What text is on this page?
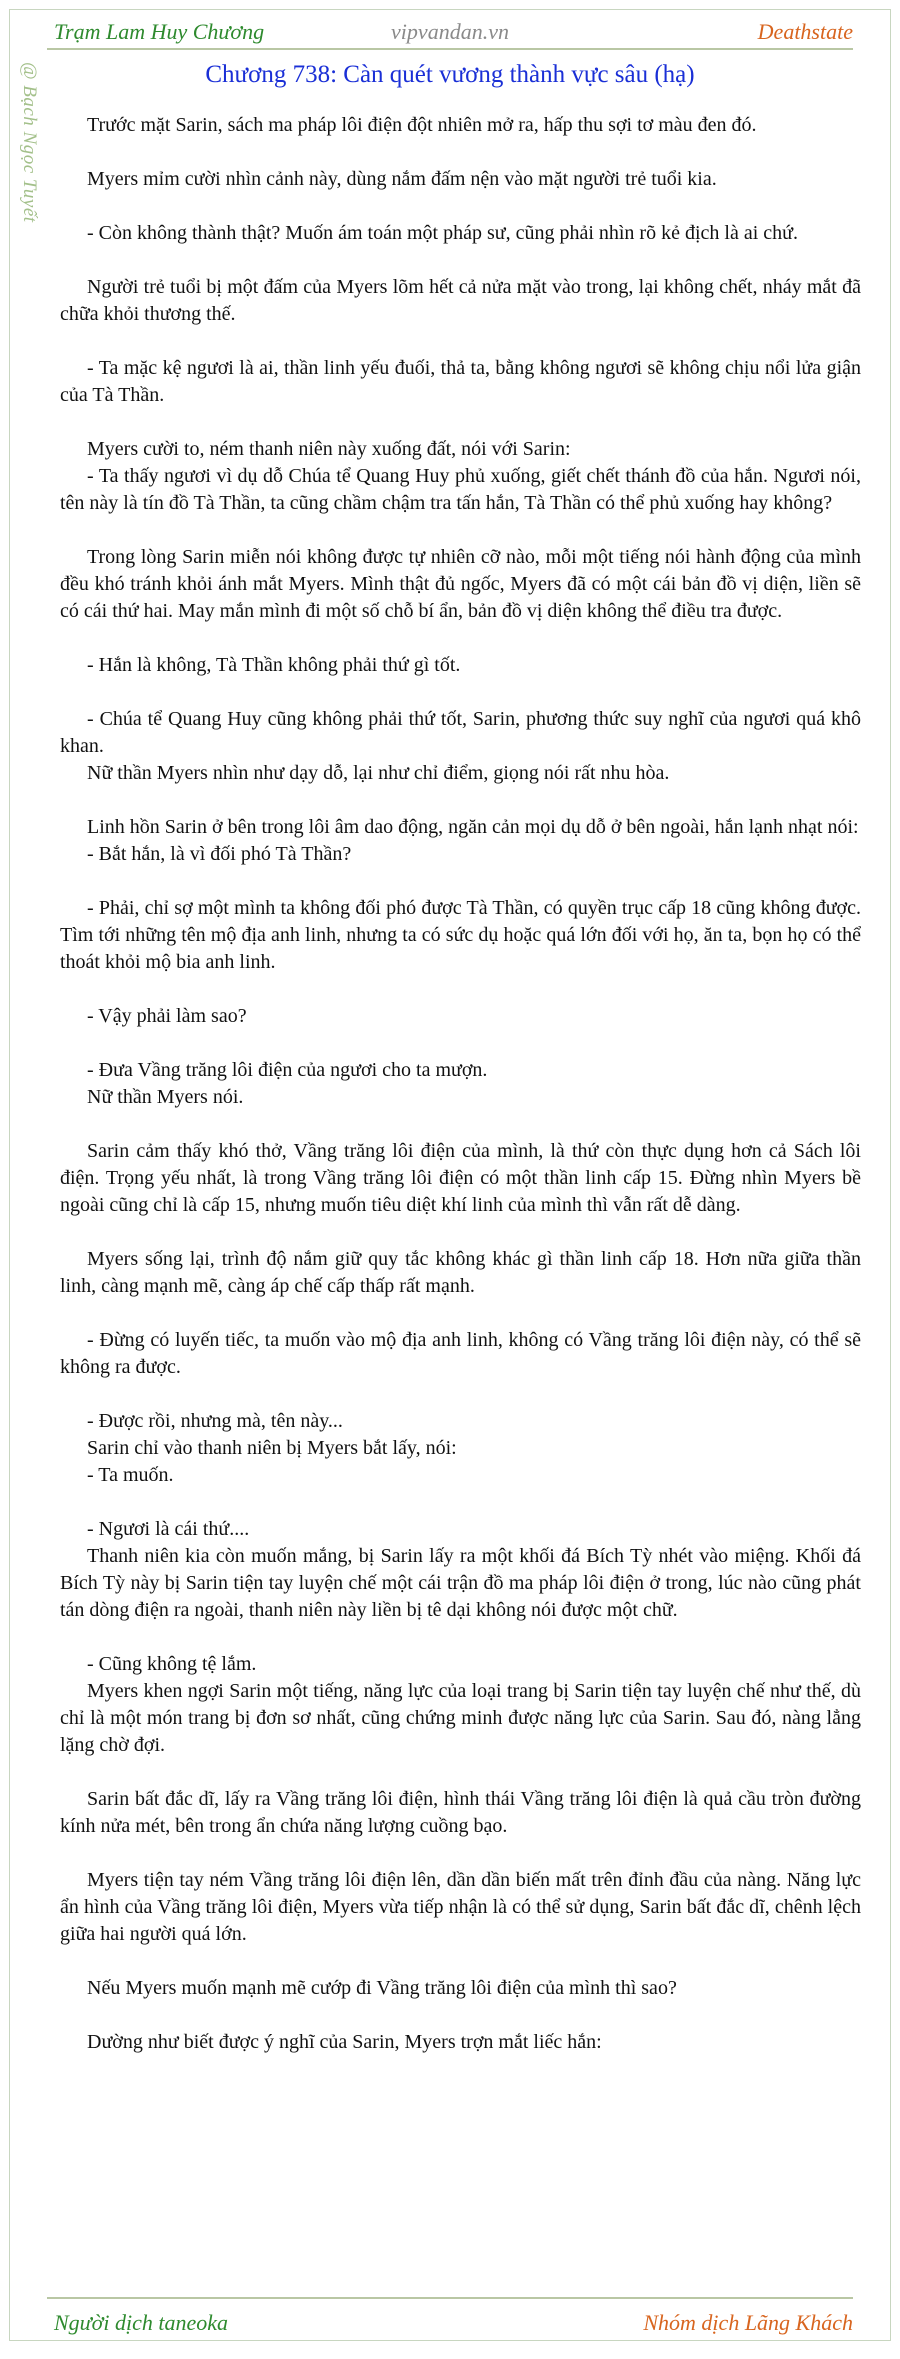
Trạm Lam Huy Chương	vipvandan.vn	Deathstate
@ Bạch Ngọc Tuyết	Chương 738: Càn quét vương thành vực sâu (hạ)

Trước mặt Sarin, sách ma pháp lôi điện đột nhiên mở ra, hấp thu sợi tơ màu đen đó.

Myers mỉm cười nhìn cảnh này, dùng nắm đấm nện vào mặt người trẻ tuổi kia.

- Còn không thành thật? Muốn ám toán một pháp sư, cũng phải nhìn rõ kẻ địch là ai chứ.

Người trẻ tuổi bị một đấm của Myers lõm hết cả nửa mặt vào trong, lại không chết, nháy mắt đã chữa khỏi thương thế.

- Ta mặc kệ ngươi là ai, thần linh yếu đuối, thả ta, bằng không ngươi sẽ không chịu nổi lửa giận của Tà Thần.

Myers cười to, ném thanh niên này xuống đất, nói với Sarin:

- Ta thấy ngươi vì dụ dỗ Chúa tể Quang Huy phủ xuống, giết chết thánh đồ của hắn. Ngươi nói, tên này là tín đồ Tà Thần, ta cũng chầm chậm tra tấn hắn, Tà Thần có thể phủ xuống hay không?

Trong lòng Sarin miễn nói không được tự nhiên cỡ nào, mỗi một tiếng nói hành động của mình đều khó tránh khỏi ánh mắt Myers. Mình thật đủ ngốc, Myers đã có một cái bản đồ vị diện, liền sẽ có cái thứ hai. May mắn mình đi một số chỗ bí ẩn, bản đồ vị diện không thể điều tra được.

- Hắn là không, Tà Thần không phải thứ gì tốt.

- Chúa tể Quang Huy cũng không phải thứ tốt, Sarin, phương thức suy nghĩ của ngươi quá khô khan.

Nữ thần Myers nhìn như dạy dỗ, lại như chỉ điểm, giọng nói rất nhu hòa.

Linh hồn Sarin ở bên trong lôi âm dao động, ngăn cản mọi dụ dỗ ở bên ngoài, hắn lạnh nhạt nói:

- Bắt hắn, là vì đối phó Tà Thần?

- Phải, chỉ sợ một mình ta không đối phó được Tà Thần, có quyền trục cấp 18 cũng không được. Tìm tới những tên mộ địa anh linh, nhưng ta có sức dụ hoặc quá lớn đối với họ, ăn ta, bọn họ có thể thoát khỏi mộ bia anh linh.

- Vậy phải làm sao?

- Đưa Vầng trăng lôi điện của ngươi cho ta mượn.

Nữ thần Myers nói.

Sarin cảm thấy khó thở, Vầng trăng lôi điện của mình, là thứ còn thực dụng hơn cả Sách lôi điện. Trọng yếu nhất, là trong Vầng trăng lôi điện có một thần linh cấp 15. Đừng nhìn Myers bề ngoài cũng chỉ là cấp 15, nhưng muốn tiêu diệt khí linh của mình thì vẫn rất dễ dàng.

Myers sống lại, trình độ nắm giữ quy tắc không khác gì thần linh cấp 18. Hơn nữa giữa thần linh, càng mạnh mẽ, càng áp chế cấp thấp rất mạnh.

- Đừng có luyến tiếc, ta muốn vào mộ địa anh linh, không có Vầng trăng lôi điện này, có thể sẽ không ra được.

- Được rồi, nhưng mà, tên này...

Sarin chỉ vào thanh niên bị Myers bắt lấy, nói:

- Ta muốn.

- Ngươi là cái thứ....

Thanh niên kia còn muốn mắng, bị Sarin lấy ra một khối đá Bích Tỳ nhét vào miệng. Khối đá Bích Tỳ này bị Sarin tiện tay luyện chế một cái trận đồ ma pháp lôi điện ở trong, lúc nào cũng phát tán dòng điện ra ngoài, thanh niên này liền bị tê dại không nói được một chữ.

- Cũng không tệ lắm.

Myers khen ngợi Sarin một tiếng, năng lực của loại trang bị Sarin tiện tay luyện chế như thế, dù chỉ là một món trang bị đơn sơ nhất, cũng chứng minh được năng lực của Sarin. Sau đó, nàng lẳng lặng chờ đợi.

Sarin bất đắc dĩ, lấy ra Vầng trăng lôi điện, hình thái Vầng trăng lôi điện là quả cầu tròn đường kính nửa mét, bên trong ẩn chứa năng lượng cuồng bạo.

Myers tiện tay ném Vầng trăng lôi điện lên, dần dần biến mất trên đỉnh đầu của nàng. Năng lực ẩn hình của Vầng trăng lôi điện, Myers vừa tiếp nhận là có thể sử dụng, Sarin bất đắc dĩ, chênh lệch giữa hai người quá lớn.

Nếu Myers muốn mạnh mẽ cướp đi Vầng trăng lôi điện của mình thì sao?

Dường như biết được ý nghĩ của Sarin, Myers trợn mắt liếc hắn:

Người dịch taneoka	Nhóm dịch Lãng Khách
